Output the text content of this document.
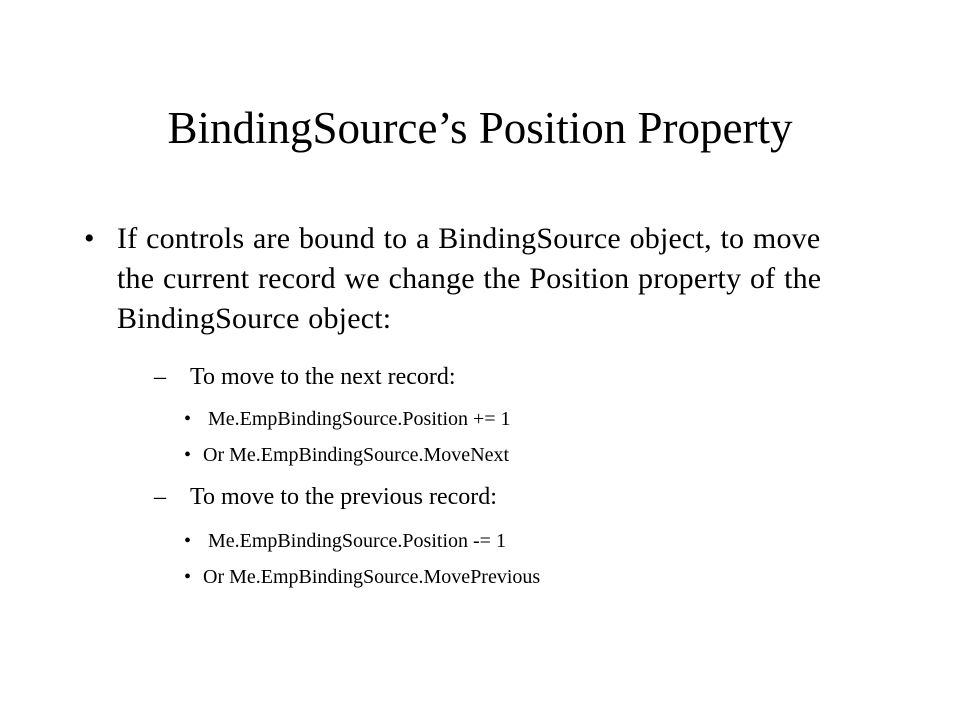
BindingSource’s Position Property
• If controls are bound to a BindingSource object, to move the current record we change the Position property of the BindingSource object:
– To move to the next record:
• Me.EmpBindingSource.Position += 1
• Or Me.EmpBindingSource.MoveNext
– To move to the previous record:
• Me.EmpBindingSource.Position -= 1
• Or Me.EmpBindingSource.MovePrevious
